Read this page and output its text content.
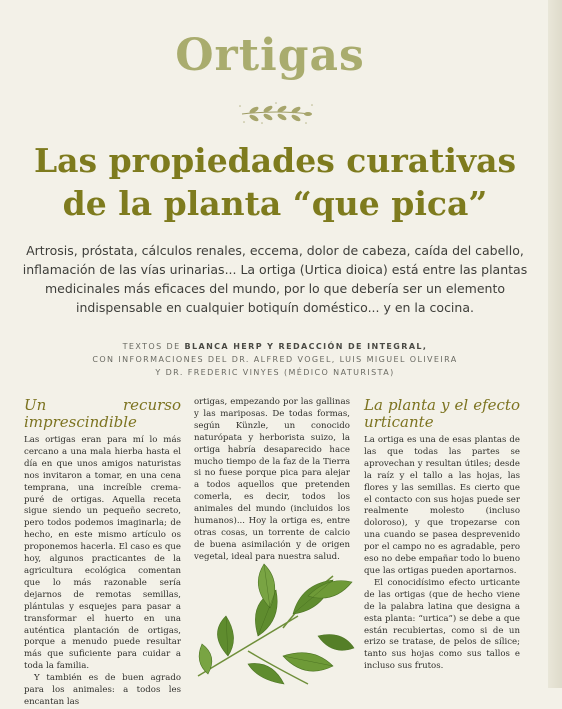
Ortigas
Las propiedades curativas
de la planta “que pica”
Artrosis, próstata, cálculos renales, eccema, dolor de cabeza, caída del cabello, inflamación de las vías urinarias... La ortiga (Urtica dioica) está entre las plantas medicinales más eficaces del mundo, por lo que debería ser un elemento indispensable en cualquier botiquín doméstico... y en la cocina.
TEXTOS DE BLANCA HERP Y REDACCIÓN DE INTEGRAL,
CON INFORMACIONES DEL DR. ALFRED VOGEL, LUIS MIGUEL OLIVEIRA
Y DR. FREDERIC VINYES (MÉDICO NATURISTA)
Un recurso imprescindible

Las ortigas eran para mí lo más cercano a una mala hierba hasta el día en que unos amigos naturistas nos invitaron a tomar, en una cena temprana, una increíble crema-puré de ortigas. Aquella receta sigue siendo un pequeño secreto, pero todos podemos imaginarla; de hecho, en este mismo artículo os proponemos hacerla. El caso es que hoy, algunos practicantes de la agricultura ecológica comentan que lo más razonable sería dejarnos de remotas semillas, plántulas y esquejes para pasar a transformar el huerto en una auténtica plantación de ortigas, porque a menudo puede resultar más que suficiente para cuidar a toda la familia.

Y también es de buen agrado para los animales: a todos les encantan las

ortigas, empezando por las gallinas y las mariposas. De todas formas, según Künzle, un conocido naturópata y herborista suizo, la ortiga habría desaparecido hace mucho tiempo de la faz de la Tierra si no fuese porque pica para alejar a todos aquellos que pretenden comerla, es decir, todos los animales del mundo (incluidos los humanos)... Hoy la ortiga es, entre otras cosas, un torrente de calcio de buena asimilación y de origen vegetal, ideal para nuestra salud.

La planta y el efecto urticante

La ortiga es una de esas plantas de las que todas las partes se aprovechan y resultan útiles; desde la raíz y el tallo a las hojas, las flores y las semillas. Es cierto que el contacto con sus hojas puede ser realmente molesto (incluso doloroso), y que tropezarse con una cuando se pasea desprevenido por el campo no es agradable, pero eso no debe empañar todo lo bueno que las ortigas pueden aportarnos.

El conocidísimo efecto urticante de las ortigas (que de hecho viene de la palabra latina que designa a esta planta: “urtica”) se debe a que están recubiertas, como si de un erizo se tratase, de pelos de sílice; tanto sus hojas como sus tallos e incluso sus frutos.
